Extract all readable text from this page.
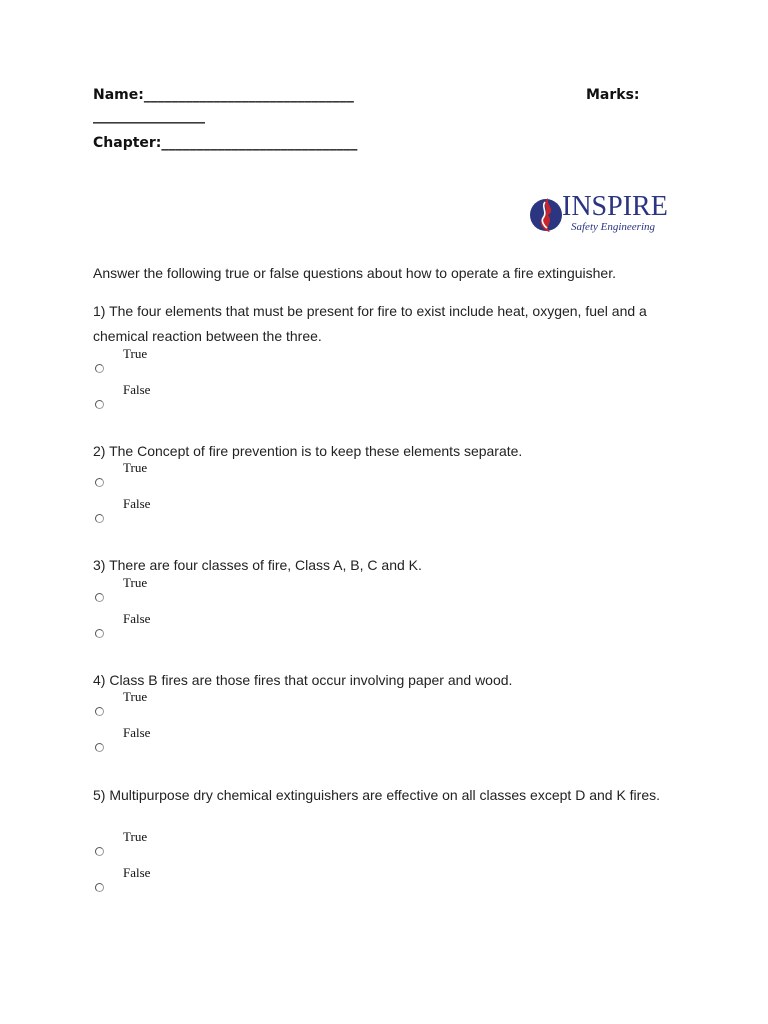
Name:______________________________	Marks:
________________
Chapter:____________________________
INSPIRE
Safety Engineering
Answer the following true or false questions about how to operate a fire extinguisher.
1) The four elements that must be present for fire to exist include heat, oxygen, fuel and a chemical reaction between the three.
True
False
2) The Concept of fire prevention is to keep these elements separate.
True
False
3) There are four classes of fire, Class A, B, C and K.
True
False
4) Class B fires are those fires that occur involving paper and wood.
True
False
5) Multipurpose dry chemical extinguishers are effective on all classes except D and K fires.
True
False
